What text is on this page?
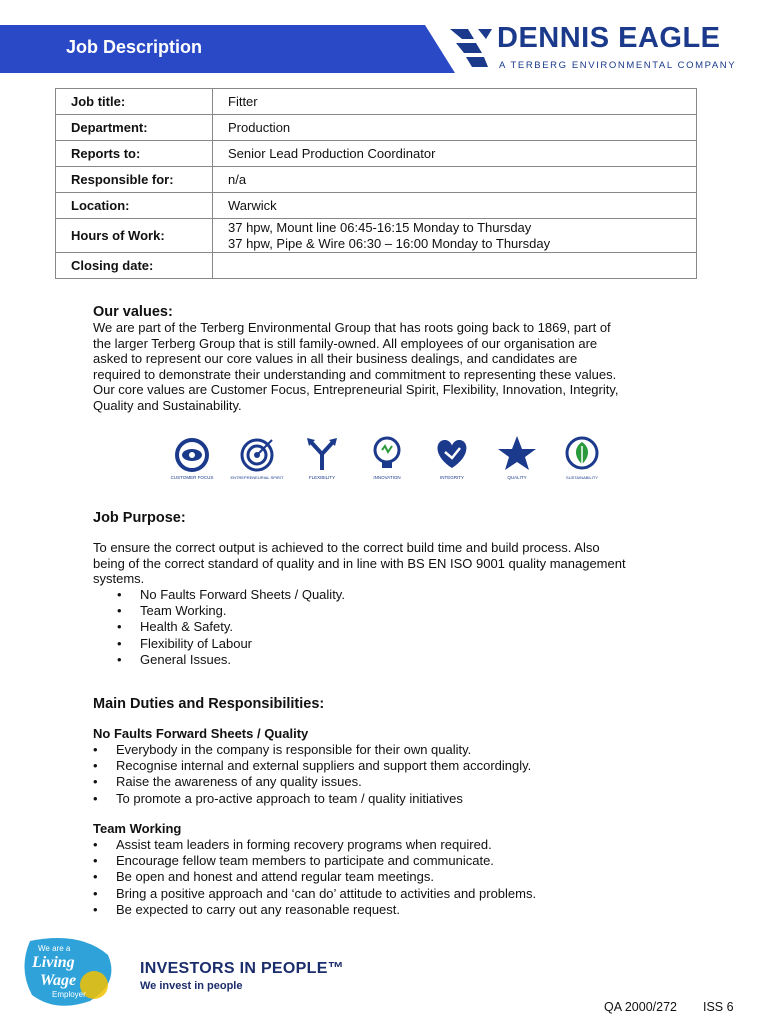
Job Description	DENNIS EAGLE
A TERBERG ENVIRONMENTAL COMPANY
Job title:	Fitter
Department:	Production
Reports to:	Senior Lead Production Coordinator
Responsible for:	n/a
Location:	Warwick
Hours of Work:	37 hpw, Mount line 06:45-16:15 Monday to Thursday
37 hpw, Pipe & Wire 06:30 – 16:00 Monday to Thursday

Closing date:	
Our values:
We are part of the Terberg Environmental Group that has roots going back to 1869, part of
the larger Terberg Group that is still family-owned. All employees of our organisation are
asked to represent our core values in all their business dealings, and candidates are
required to demonstrate their understanding and commitment to representing these values.
Our core values are Customer Focus, Entrepreneurial Spirit, Flexibility, Innovation, Integrity,
Quality and Sustainability.
CUSTOMER FOCUS	ENTREPRENEURIAL SPIRIT	FLEXIBILITY	INNOVATION	INTEGRITY	QUALITY	SUSTAINABILITY
Job Purpose:
To ensure the correct output is achieved to the correct build time and build process. Also
being of the correct standard of quality and in line with BS EN ISO 9001 quality management
systems.
• No Faults Forward Sheets / Quality.
• Team Working.
• Health & Safety.
• Flexibility of Labour
• General Issues.
Main Duties and Responsibilities:
No Faults Forward Sheets / Quality
• Everybody in the company is responsible for their own quality.
• Recognise internal and external suppliers and support them accordingly.
• Raise the awareness of any quality issues.
• To promote a pro-active approach to team / quality initiatives
Team Working
• Assist team leaders in forming recovery programs when required.
• Encourage fellow team members to participate and communicate.
• Be open and honest and attend regular team meetings.
• Bring a positive approach and ‘can do’ attitude to activities and problems.
• Be expected to carry out any reasonable request.
We are a
Living
Wage
Employer
INVESTORS IN PEOPLE™
We invest in people
QA 2000/272 ISS 6
